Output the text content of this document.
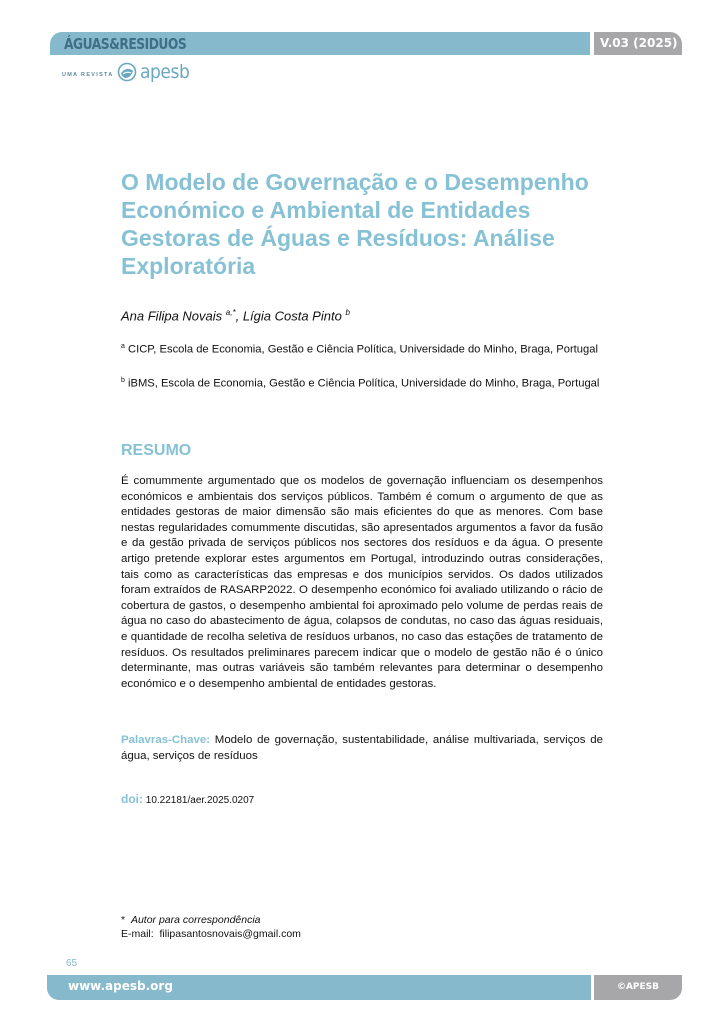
ÁGUAS&RESIDUOS	V.03 (2025)
UMA REVISTA apesb
O Modelo de Governação e o Desempenho Económico e Ambiental de Entidades Gestoras de Águas e Resíduos: Análise Exploratória
Ana Filipa Novais $^{a,*}$, Lígia Costa Pinto $^b$
$^a$ CICP, Escola de Economia, Gestão e Ciência Política, Universidade do Minho, Braga, Portugal
$^b$ iBMS, Escola de Economia, Gestão e Ciência Política, Universidade do Minho, Braga, Portugal
RESUMO

É comummente argumentado que os modelos de governação influenciam os desempenhos económicos e ambientais dos serviços públicos. Também é comum o argumento de que as entidades gestoras de maior dimensão são mais eficientes do que as menores. Com base nestas regularidades comummente discutidas, são apresentados argumentos a favor da fusão e da gestão privada de serviços públicos nos sectores dos resíduos e da água. O presente artigo pretende explorar estes argumentos em Portugal, introduzindo outras considerações, tais como as características das empresas e dos municípios servidos. Os dados utilizados foram extraídos de RASARP2022. O desempenho económico foi avaliado utilizando o rácio de cobertura de gastos, o desempenho ambiental foi aproximado pelo volume de perdas reais de água no caso do abastecimento de água, colapsos de condutas, no caso das águas residuais, e quantidade de recolha seletiva de resíduos urbanos, no caso das estações de tratamento de resíduos. Os resultados preliminares parecem indicar que o modelo de gestão não é o único determinante, mas outras variáveis são também relevantes para determinar o desempenho económico e o desempenho ambiental de entidades gestoras.

Palavras-Chave: Modelo de governação, sustentabilidade, análise multivariada, serviços de água, serviços de resíduos
doi: 10.22181/aer.2025.0207
* Autor para correspondência
E-mail: filipasantosnovais@gmail.com
65
www.apesb.org	©APESB
